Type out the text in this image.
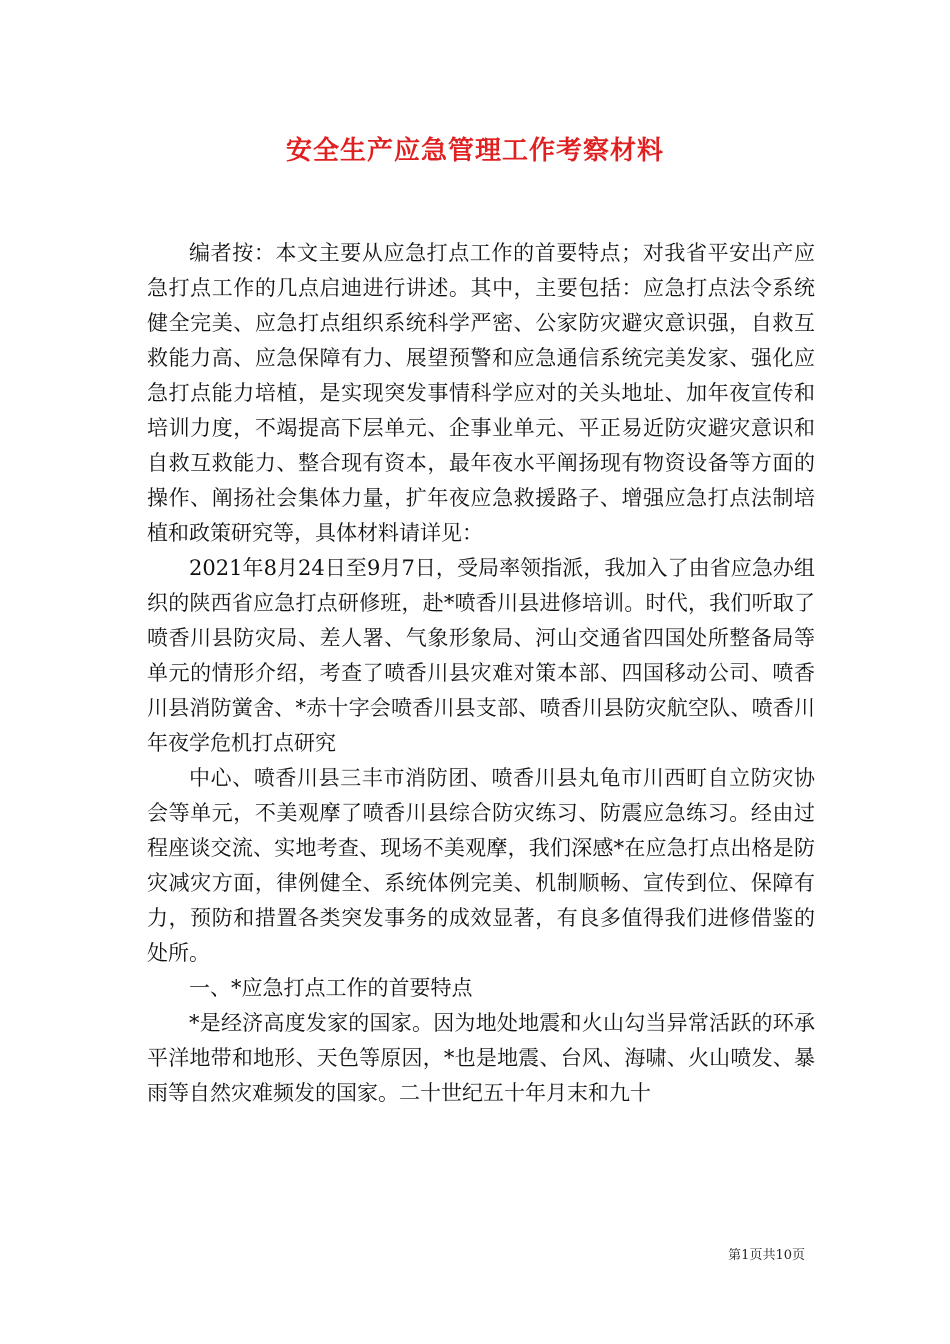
安全生产应急管理工作考察材料

编者按：本文主要从应急打点工作的首要特点；对我省平安出产应急打点工作的几点启迪进行讲述。其中，主要包括：应急打点法令系统健全完美、应急打点组织系统科学严密、公家防灾避灾意识强，自救互救能力高、应急保障有力、展望预警和应急通信系统完美发家、强化应急打点能力培植，是实现突发事情科学应对的关头地址、加年夜宣传和培训力度，不竭提高下层单元、企事业单元、平正易近防灾避灾意识和自救互救能力、整合现有资本，最年夜水平阐扬现有物资设备等方面的操作、阐扬社会集体力量，扩年夜应急救援路子、增强应急打点法制培植和政策研究等，具体材料请详见：

2021年8月24日至9月7日，受局率领指派，我加入了由省应急办组织的陕西省应急打点研修班，赴*喷香川县进修培训。时代，我们听取了喷香川县防灾局、差人署、气象形象局、河山交通省四国处所整备局等单元的情形介绍，考查了喷香川县灾难对策本部、四国移动公司、喷香川县消防黉舍、*赤十字会喷香川县支部、喷香川县防灾航空队、喷香川年夜学危机打点研究

中心、喷香川县三丰市消防团、喷香川县丸龟市川西町自立防灾协会等单元，不美观摩了喷香川县综合防灾练习、防震应急练习。经由过程座谈交流、实地考查、现场不美观摩，我们深感*在应急打点出格是防灾减灾方面，律例健全、系统体例完美、机制顺畅、宣传到位、保障有力，预防和措置各类突发事务的成效显著，有良多值得我们进修借鉴的处所。

一、*应急打点工作的首要特点

*是经济高度发家的国家。因为地处地震和火山勾当异常活跃的环承平洋地带和地形、天色等原因，*也是地震、台风、海啸、火山喷发、暴雨等自然灾难频发的国家。二十世纪五十年月末和九十

第1页共10页
